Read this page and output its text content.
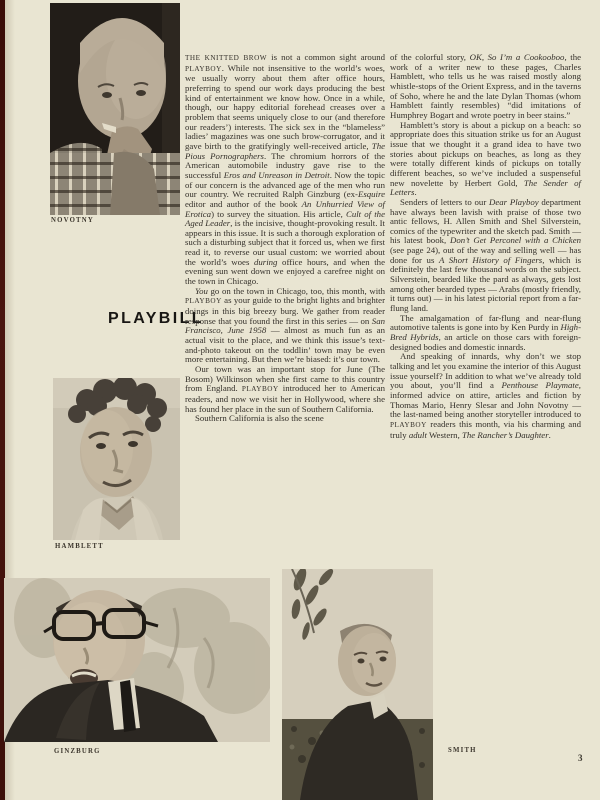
NOVOTNY
PLAYBILL
HAMBLETT

THE KNITTED BROW is not a common sight around PLAYBOY. While not insensitive to the world’s woes, we usually worry about them after office hours, preferring to spend our work days producing the best kind of entertainment we know how. Once in a while, though, our happy editorial forehead creases over a problem that seems uniquely close to our (and therefore our readers’) interests. The sick sex in the “blameless” ladies’ magazines was one such brow-corrugator, and it gave birth to the gratifyingly well-received article, The Pious Pornographers. The chromium horrors of the American automobile industry gave rise to the successful Eros and Unreason in Detroit. Now the topic of our concern is the advanced age of the men who run our country. We recruited Ralph Ginzburg (ex-Esquire editor and author of the book An Unhurried View of Erotica) to survey the situation. His article, Cult of the Aged Leader, is the incisive, thought-provoking result. It appears in this issue. It is such a thorough exploration of such a disturbing subject that it forced us, when we first read it, to reverse our usual custom: we worried about the world’s woes during office hours, and when the evening sun went down we enjoyed a carefree night on the town in Chicago.

You go on the town in Chicago, too, this month, with PLAYBOY as your guide to the bright lights and brighter doings in this big breezy burg. We gather from reader response that you found the first in this series — on San Francisco, June 1958 — almost as much fun as an actual visit to the place, and we think this issue’s text-and-photo takeout on the toddlin’ town may be even more entertaining. But then we’re biased: it’s our town.

Our town was an important stop for June (The Bosom) Wilkinson when she first came to this country from England. PLAYBOY introduced her to American readers, and now we visit her in Hollywood, where she has found her place in the sun of Southern California.

Southern California is also the scene

of the colorful story, OK, So I’m a Cookooboo, the work of a writer new to these pages, Charles Hamblett, who tells us he was raised mostly along whistle-stops of the Orient Express, and in the taverns of Soho, where he and the late Dylan Thomas (whom Hamblett faintly resembles) “did imitations of Humphrey Bogart and wrote poetry in beer stains.”

Hamblett’s story is about a pickup on a beach: so appropriate does this situation strike us for an August issue that we thought it a grand idea to have two stories about pickups on beaches, as long as they were totally different kinds of pickups on totally different beaches, so we’ve included a suspenseful new novelette by Herbert Gold, The Sender of Letters.

Senders of letters to our Dear Playboy department have always been lavish with praise of those two antic fellows, H. Allen Smith and Shel Silverstein, comics of the typewriter and the sketch pad. Smith — his latest book, Don’t Get Perconel with a Chicken (see page 24), out of the way and selling well — has done for us A Short History of Fingers, which is definitely the last few thousand words on the subject. Silverstein, bearded like the pard as always, gets lost among other bearded types — Arabs (mostly friendly, it turns out) — in his latest pictorial report from a far-flung land.

The amalgamation of far-flung and near-flung automotive talents is gone into by Ken Purdy in High-Bred Hybrids, an article on those cars with foreign-designed bodies and domestic innards.

And speaking of innards, why don’t we stop talking and let you examine the interior of this August issue yourself? In addition to what we’ve already told you about, you’ll find a Penthouse Playmate, informed advice on attire, articles and fiction by Thomas Mario, Henry Slesar and John Novotny — the last-named being another storyteller introduced to PLAYBOY readers this month, via his charming and truly adult Western, The Rancher’s Daughter.

GINZBURG	SMITH
3
